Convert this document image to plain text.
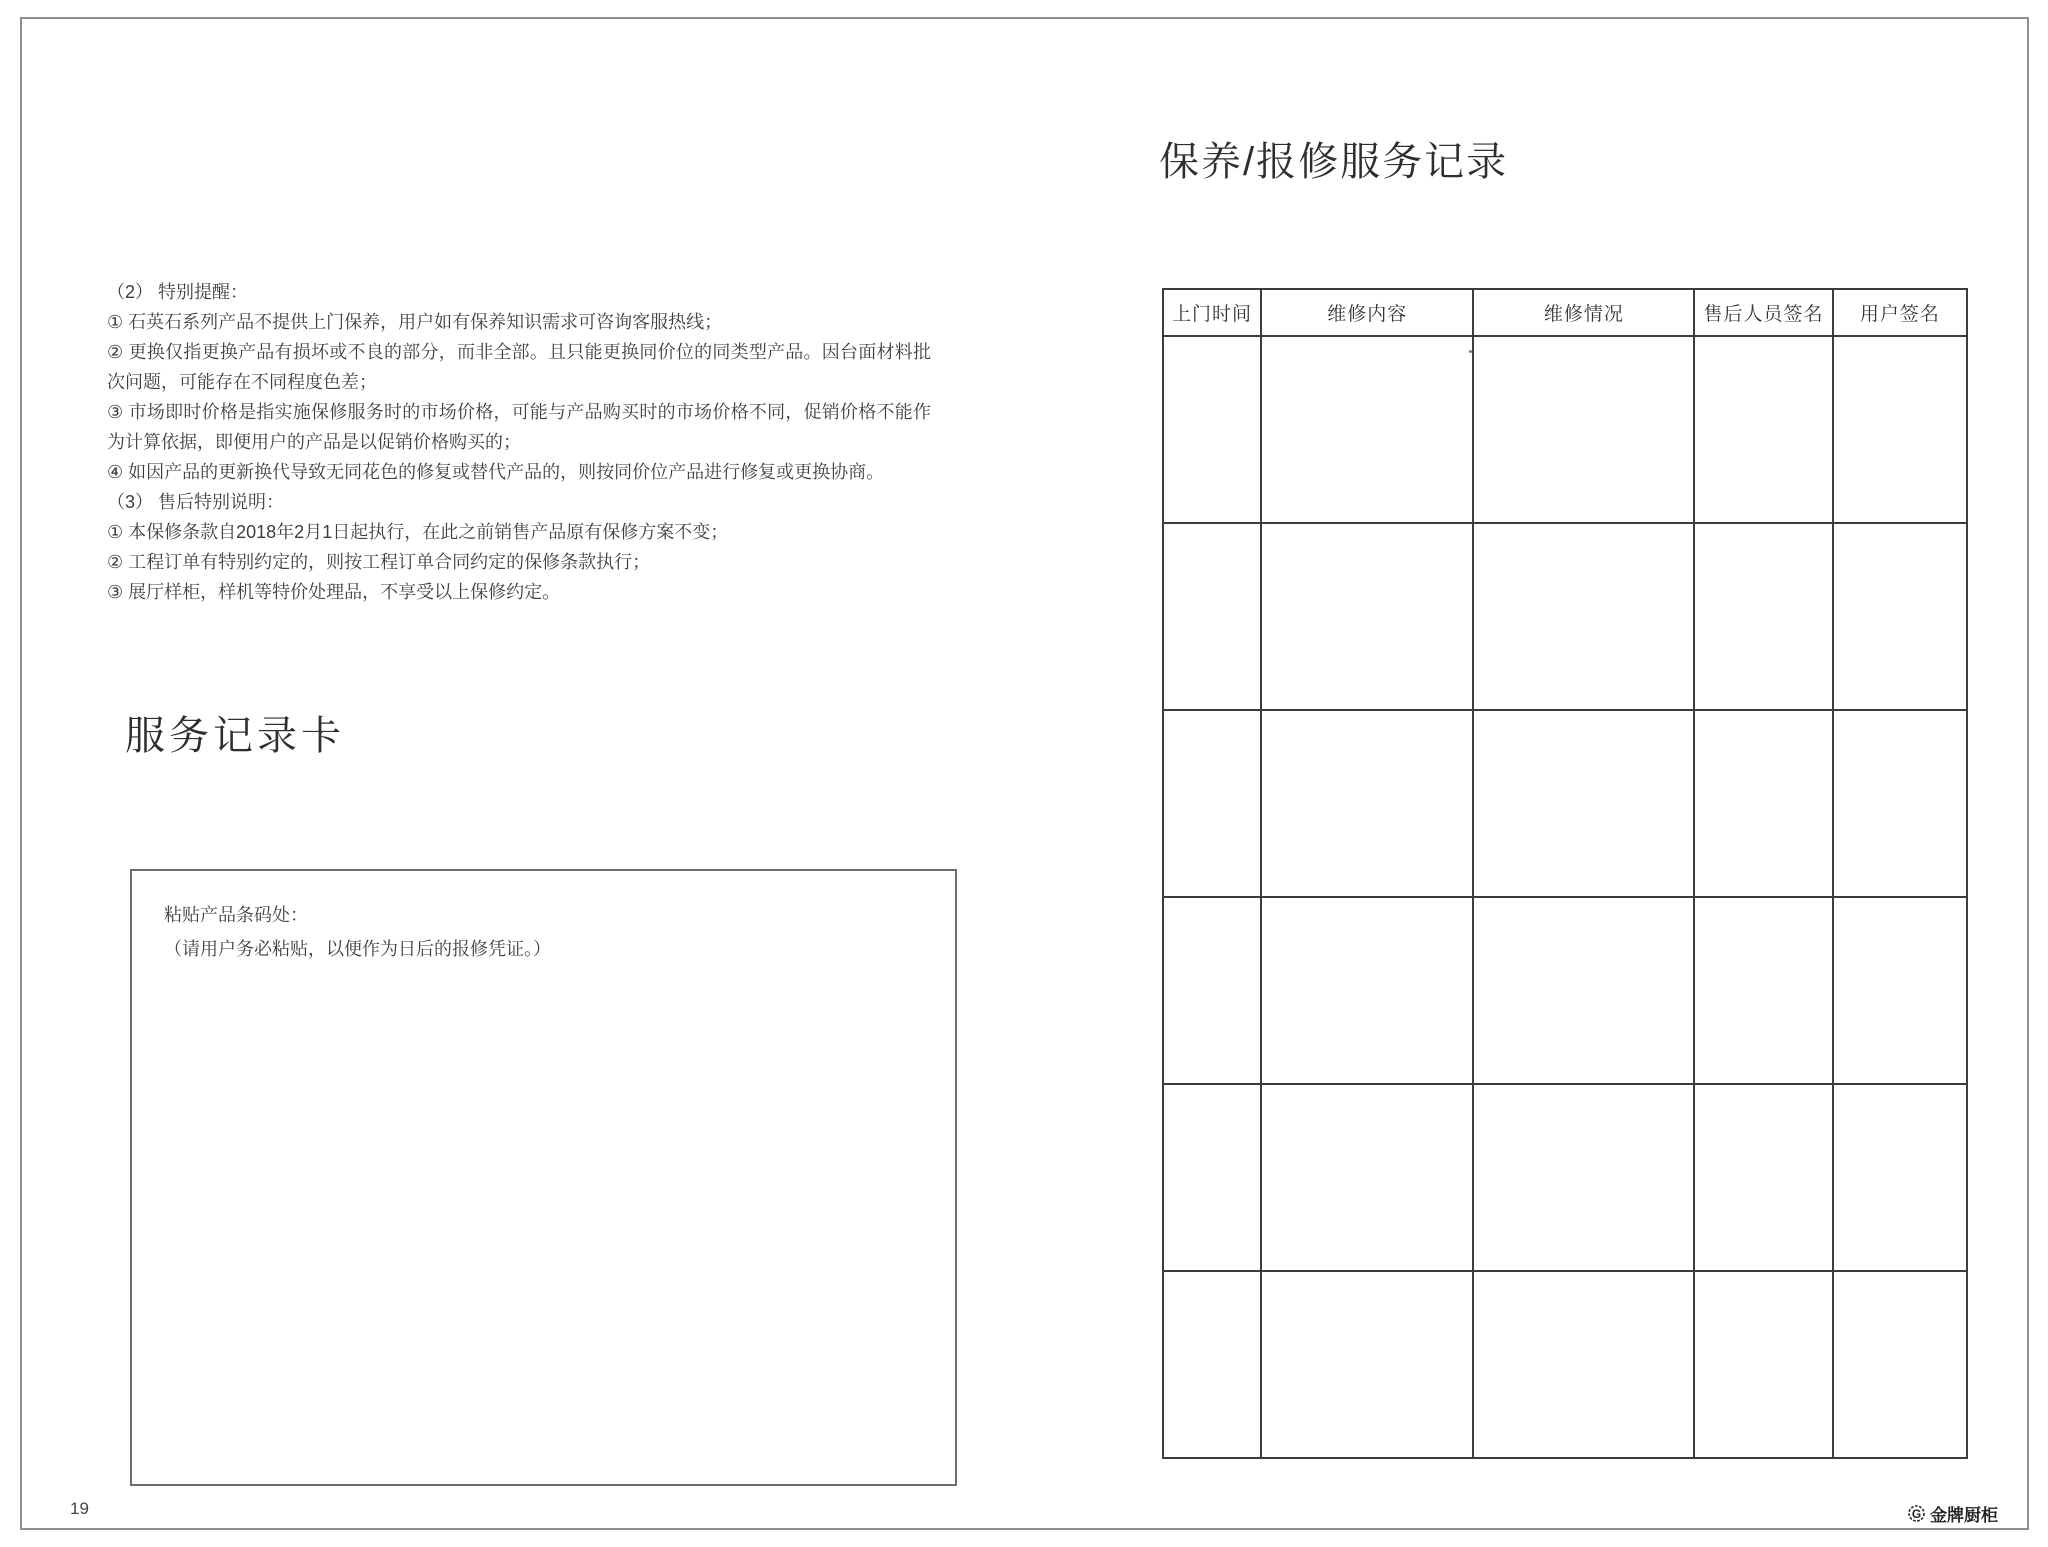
（2） 特别提醒：

① 石英石系列产品不提供上门保养，用户如有保养知识需求可咨询客服热线；

② 更换仅指更换产品有损坏或不良的部分，而非全部。且只能更换同价位的同类型产品。因台面材料批次问题，可能存在不同程度色差；

③ 市场即时价格是指实施保修服务时的市场价格，可能与产品购买时的市场价格不同，促销价格不能作为计算依据，即便用户的产品是以促销价格购买的；

④ 如因产品的更新换代导致无同花色的修复或替代产品的，则按同价位产品进行修复或更换协商。

（3） 售后特别说明：

① 本保修条款自2018年2月1日起执行，在此之前销售产品原有保修方案不变；

② 工程订单有特别约定的，则按工程订单合同约定的保修条款执行；

③ 展厅样柜，样机等特价处理品，不享受以上保修约定。

服务记录卡

粘贴产品条码处：

（请用户务必粘贴，以便作为日后的报修凭证。）

保养/报修服务记录
上门时间	维修内容	维修情况	售后人员签名	用户签名

19	G 金牌厨柜
